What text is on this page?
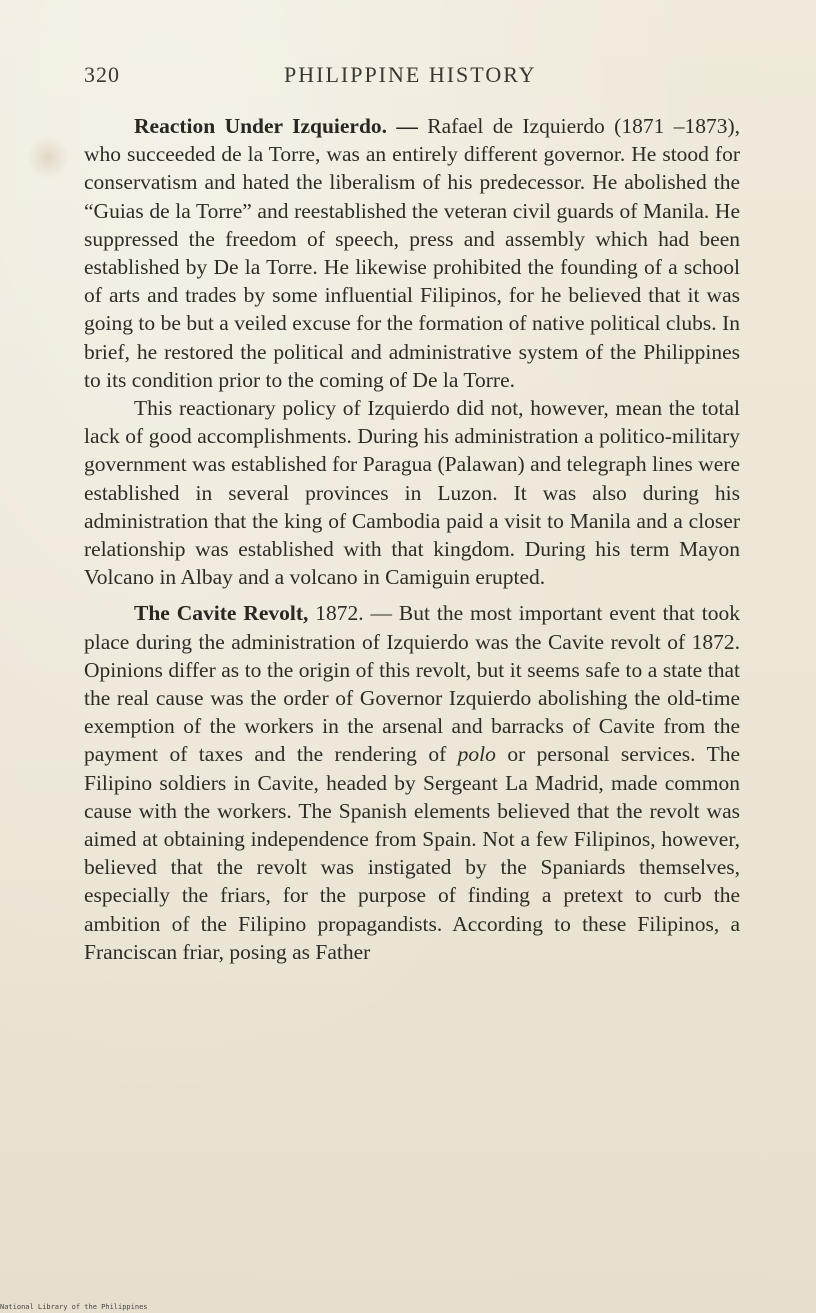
320	PHILIPPINE HISTORY

Reaction Under Izquierdo. — Rafael de Izquierdo (1871 –1873), who succeeded de la Torre, was an entirely different governor. He stood for conservatism and hated the liberalism of his predecessor. He abolished the “Guias de la Torre” and reestablished the veteran civil guards of Manila. He suppressed the freedom of speech, press and assembly which had been established by De la Torre. He likewise prohibited the founding of a school of arts and trades by some influential Filipinos, for he believed that it was going to be but a veiled excuse for the formation of native political clubs. In brief, he restored the political and administrative system of the Philippines to its condition prior to the coming of De la Torre.

This reactionary policy of Izquierdo did not, however, mean the total lack of good accomplishments. During his administration a politico-military government was established for Paragua (Palawan) and telegraph lines were established in several provinces in Luzon. It was also during his administration that the king of Cambodia paid a visit to Manila and a closer relationship was established with that kingdom. During his term Mayon Volcano in Albay and a volcano in Camiguin erupted.

The Cavite Revolt, 1872. — But the most important event that took place during the administration of Izquierdo was the Cavite revolt of 1872. Opinions differ as to the origin of this revolt, but it seems safe to a state that the real cause was the order of Governor Izquierdo abolishing the old-time exemption of the workers in the arsenal and barracks of Cavite from the payment of taxes and the rendering of polo or personal services. The Filipino soldiers in Cavite, headed by Sergeant La Madrid, made common cause with the workers. The Spanish elements believed that the revolt was aimed at obtaining independence from Spain. Not a few Filipinos, however, believed that the revolt was instigated by the Spaniards themselves, especially the friars, for the purpose of finding a pretext to curb the ambition of the Filipino propagandists. According to these Filipinos, a Franciscan friar, posing as Father

National Library of the Philippines
